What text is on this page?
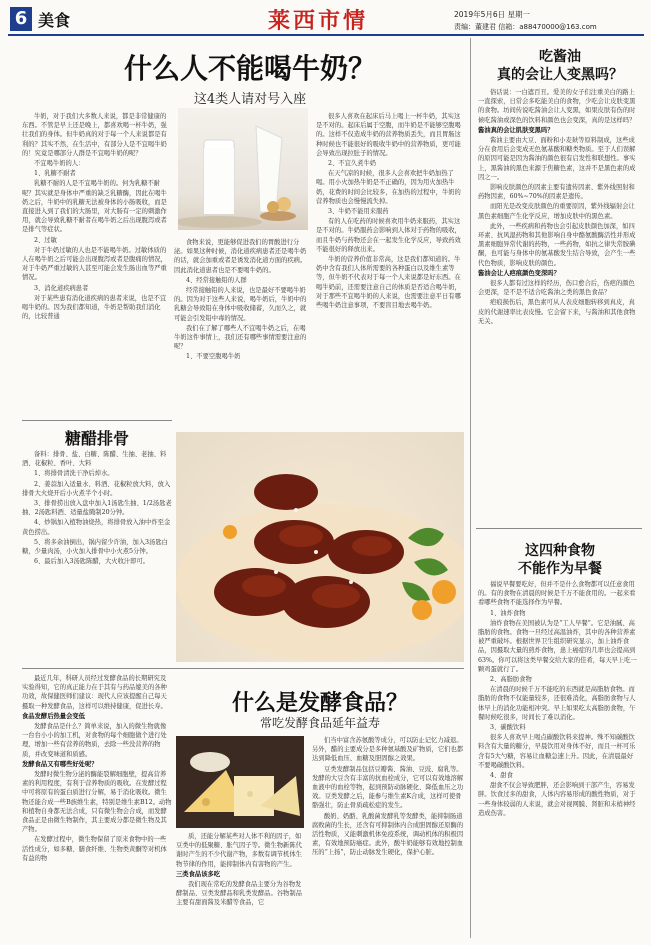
6 美食	莱西市情	2019年5月6日 星期一
责编：董建君 信箱：a88470000@163.com
什么人不能喝牛奶？
这4类人请对号入座

牛奶，对于我们大多数人来说，都是非常健康的东西。不管是早上还是晚上，都喜欢喝一杯牛奶，强壮我们的身体。但牛奶真的对于每一个人来说都是有利的？其实不然，在生活中，有部分人是不宜喝牛奶的！究竟是哪部分人群是不宜喝牛奶的呢？

不宜喝牛奶的人：

1、乳糖不耐者

乳糖不耐的人是不宜喝牛奶的。何为乳糖不耐呢？其实就是身体中严重的缺乏乳糖酶，因此在喝牛奶之后，牛奶中的乳糖无法被身体的小肠吸收，而是直接进入到了我们的大肠里，对大肠有一定的刺激作用，就会导致乳糖不耐者在喝牛奶之后出现腹泻或者是排气等症状。

2、过敏

对于牛奶过敏的人也是不能喝牛奶。过敏体质的人在喝牛奶之后可能会出现腹泻或者是腹痛的情况，对于牛奶严重过敏的人甚至可能会发生肠出血等严重情况。

3、消化道疾病患者

对于某些患有消化道疾病的患者来说，也是不宜喝牛奶的。因为我们都知道，牛奶是帮助我们消化的，比较普通

食物来说，更能够促进我们的胃酸进行分泌。如果这种时候，消化道疾病患者还是喝牛奶的话，就会加重或者是诱发消化道方面的疾病。因此消化道患者也是不要喝牛奶的。

4、经常接触铅的人群

经常接触铅的人来说，也是最好不要喝牛奶的。因为对于这些人来说，喝牛奶后，牛奶中的乳糖会导致铅在身体中吸收储蓄，久而久之，就可能会引发铅中毒的情况。

我们在了解了哪些人不宜喝牛奶之后，在喝牛奶这件事情上，我们还有哪些事情需要注意的呢？

1、不要空腹喝牛奶

很多人喜欢在起床后马上喝上一杯牛奶，其实这是不对的。起床后属于空腹，而牛奶是不能够空腹喝的。这样不仅造成牛奶的营养物质丢失，而且胃肠这种时候也不能很好的吸收牛奶中的营养物质，更可能会导致出现拉肚子的情况。

2、不宜久煮牛奶

在天气凉的时候，很多人会喜欢把牛奶加热了喝。用小火加热牛奶是不正确的，因为用火加热牛奶，花费的时间会比较多，在加热的过程中，牛奶的营养物质也会慢慢流失掉。

3、牛奶不能用来服药

有的人在吃药的时候喜欢用牛奶来服药，其实这是不对的。牛奶服药会影响到人体对于药物的吸收，而且牛奶与药物还会在一起发生化学反应，导致药效不能很好的释放出来。

牛奶的营养价值非常高，这是我们都知道的。牛奶中含有我们人体所需要的各种蛋白以及维生素等等，但牛奶不代表对于每一个人来说都是好东西。在喝牛奶前，还需要注意自己的体质是否适合喝牛奶，对于那些不宜喝牛奶的人来说，也需要注意平日有哪些喝牛奶注意事项，不要盲目地去喝牛奶。

吃酱油
真的会让人变黑吗？

俗话说：一白遮百丑。爱美的女子们注重美白的路上一直探索，日常会多吃能美白的食物，少吃会让皮肤变黑的食物。坊间传说吃酱油会让人变黑，如果皮肤有伤的时候吃酱油或深色的饮料和颜色也会变深，真的是这样吗？

酱油真的会让肌肤变黑吗？

酱油主要由大豆、面粉和小麦麸等原料制成，这些成分在食用后会变成无色氨基酸和糖类物质。至于人们误解的原因可能是因为酱油的颜色很有启发性和联想性。事实上，黑酱油的黑色来源于焦糖色素，这并不是黑色素的成因之一。

影响皮肤颜色的因素主要有遗传因素、紫外线照射和药物因素，60%~70%的因素是遗传。

而阳光是改变皮肤颜色的重要原因，紫外线辐射会让黑色素细胞产生化学反应，增加皮肤中的黑色素。

此外，一些疾病和药物也会引起皮肤颜色加深，如四环素、抗风湿药物和其他影响自身中酪氨酸酶活性并形成黑素细胞异常代谢的药物，一些药物，如抗之律失常胺碘酮，也可能与身体中的氨基酸发生结合导致，会产生一些代色物质，影响皮肤的颜色。

酱油会让人疤痕颜色变深吗？

很多人都有过这样的经历，伤口愈合后，伤疤的颜色会更深，是不是不适合吃酱油之类的黑色食品？

疤痕损伤后，黑色素可从人表皮细胞转移到真皮，真皮的代谢速率比表皮慢。它会留下来，与酱油和其他食物无关。

糖醋排骨

备料：排骨、盐、白糖、陈醋、生抽、老抽、料酒、花椒粒、香叶、大料

1、将排骨清洗干净后焯水。

2、姜蒜加入适量水、料酒、花椒粒放大料，放入排骨大火烧开后小火煮半个小时。

3、排骨捞出放入盘中加入1汤匙生抽、1/2汤匙老抽、2汤匙料酒、适量盐腌制20分钟。

4、炒锅加入植物油烧热，将排骨放入油中炸至金黄色捞出。

5、将多余油倒出，锅内留少许油，加入3汤匙白糖，少量肉汤，小火加入排骨中小火煮5分钟。

6、最后加入3汤匙陈醋，大火收汁即可。

最近几年，科研人员经过发酵食品的长期研究及实验得知，它的真正能力在于其有与药品媲美的各种功效，故保健医师们建议：现代人应该提醒自己每天摄取一种发酵食品，这样可以维持健康，促进长寿。

食品发酵后热量会变低

发酵食品是什么？简单来说，加入的微生物就像一台台小小的加工机，对食物的每个细胞做个进行处理，增加一些有营养的物质，去除一些没营养的物质，并改变味道和质感。

发酵食品又有哪些好处呢？

发酵时微生物分泌的酶能裂解细胞壁，提高营养素的利用程度，有利于营养物质的吸收。在发酵过程中可将原有的蛋白质进行分解，易于消化吸收。微生物还能合成一些B族维生素，特别是维生素B12。动物和植物自身都无法合成，只有微生物会合成，而发酵食品正是由微生物制作，其主要成分都是微生物及其产物。

在发酵过程中，微生物保留了原来食物中的一些活性成分，如多糖、膳食纤维、生物类黄酮等对机体有益的物

什么是发酵食品？
常吃发酵食品延年益寿

质，还能分解某些对人体不利的因子，如豆类中的低聚糖、胀气因子等。微生物新陈代谢时产生的不少代谢产物，多数有调节机体生物节律的作用，能抑制体内有害物的产生。

三类食品该多吃

我们现在常吃的发酵食品主要分为谷物发酵制品、豆类发酵品和乳类发酵品。谷物制品主要有甜面酱及米醋等食品，它

们当中富含苏氨酸等成分，可以防止记忆力减退。另外，醋的主要成分是多种氨基酸及矿物质，它们也都达到降低血压、血糖及胆固醇之效果。

豆类发酵制品包括豆瓣酱、酱油、豆豉、腐乳等。发酵的大豆含有丰富的抗血栓成分，它可以有效地溶解血液中的血栓等物，起到预防动脉硬化、降低血压之功效。豆类发酵之后，能参与维生素K合成，这样可使骨骼强壮，防止骨质疏松症的发生。

酸奶、奶酪、乳酸菌发酵乳等发酵类，能抑制肠道腐败菌的生长，还含有可抑制体内合成胆固醇还原酶的活性物质，又能刺激机体免疫系统，调动机体的积极因素，有效地预防癌症。此外，酸牛奶能够有效地控制血压的“上扬”，防止动脉发生硬化，保护心脏。

这四种食物
不能作为早餐

福说早餐要吃好，但并不是什么食物都可以任意食用的。有的食物在清晨的时候是千万不能食用的。一起来看看哪些食物不能选择作为早餐。

1、油炸食物

油炸食物在美国被认为是“工人早餐”。它是油腻、高脂肪的食物。食物一旦经过高温油炸，其中的各种营养素被严重破坏。根据世界卫生组织研究显示，加上油炸食品，因摄取大量的煎炸食物，患上癌症的几率也会提高到63%。你可以将这类早餐交给大家的佳肴，每天早上吃一颗鸡蛋就行了。

2、高脂肪食物

在清晨的时候千万不能吃的东西就是高脂肪食物。而脂肪的食物不仅能量较多，还很难消化，高脂肪食物与人体早上的消化功能相冲突。早上如果吃太高脂肪食物，午餐时候吃很多，时间长了难以消化。

3、碳酸饮料

很多人喜欢早上喝点碳酸饮料来提神。殊不知碳酸饮料含有大量的糖分，早晨饮用对身体不好，而且一杯可乐含有5大勺糖，容易让血糖急速上升。因此，在清晨最好不要喝碳酸饮料。

4、甜食

甜食不仅会导致肥胖，还会影响到干部产生，容易发胖。饮食过多的甜食，人体内容易形成的酸性物质，对于一些身体较弱的人来说，就会对视网膜、肾脏和末梢神经造成伤害。
